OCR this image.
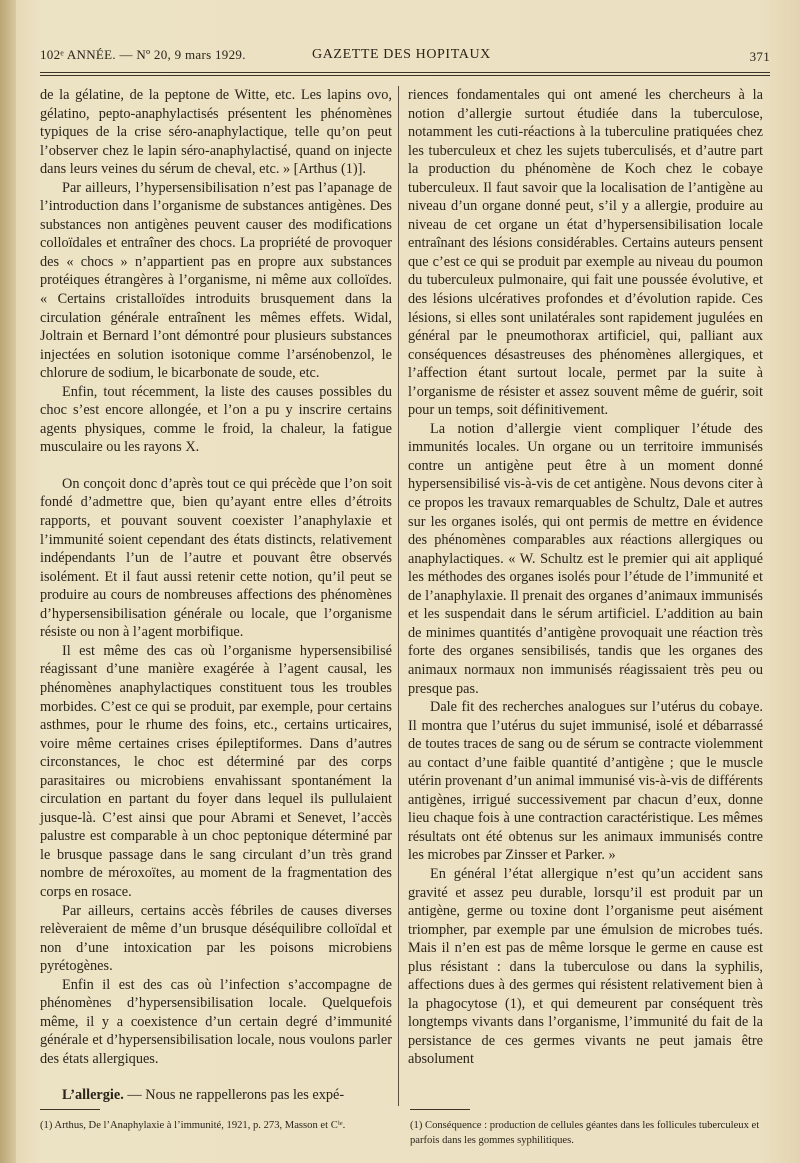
102ᵉ ANNÉE. — Nº 20, 9 mars 1929.	GAZETTE DES HOPITAUX	371

de la gélatine, de la peptone de Witte, etc. Les lapins ovo, gélatino, pepto-anaphylactisés présentent les phénomènes typiques de la crise séro-anaphylactique, telle qu’on peut l’observer chez le lapin séro-anaphylactisé, quand on injecte dans leurs veines du sérum de cheval, etc. » [Arthus (1)].

Par ailleurs, l’hypersensibilisation n’est pas l’apanage de l’introduction dans l’organisme de substances antigènes. Des substances non antigènes peuvent causer des modifications colloïdales et entraîner des chocs. La propriété de provoquer des « chocs » n’appartient pas en propre aux substances protéiques étrangères à l’organisme, ni même aux colloïdes. « Certains cristalloïdes introduits brusquement dans la circulation générale entraînent les mêmes effets. Widal, Joltrain et Bernard l’ont démontré pour plusieurs substances injectées en solution isotonique comme l’arsénobenzol, le chlorure de sodium, le bicarbonate de soude, etc.

Enfin, tout récemment, la liste des causes possibles du choc s’est encore allongée, et l’on a pu y inscrire certains agents physiques, comme le froid, la chaleur, la fatigue musculaire ou les rayons X.

On conçoit donc d’après tout ce qui précède que l’on soit fondé d’admettre que, bien qu’ayant entre elles d’étroits rapports, et pouvant souvent coexister l’anaphylaxie et l’immunité soient cependant des états distincts, relativement indépendants l’un de l’autre et pouvant être observés isolément. Et il faut aussi retenir cette notion, qu’il peut se produire au cours de nombreuses affections des phénomènes d’hypersensibilisation générale ou locale, que l’organisme résiste ou non à l’agent morbifique.

Il est même des cas où l’organisme hypersensibilisé réagissant d’une manière exagérée à l’agent causal, les phénomènes anaphylactiques constituent tous les troubles morbides. C’est ce qui se produit, par exemple, pour certains asthmes, pour le rhume des foins, etc., certains urticaires, voire même certaines crises épileptiformes. Dans d’autres circonstances, le choc est déterminé par des corps parasitaires ou microbiens envahissant spontanément la circulation en partant du foyer dans lequel ils pullulaient jusque-là. C’est ainsi que pour Abrami et Senevet, l’accès palustre est comparable à un choc peptonique déterminé par le brusque passage dans le sang circulant d’un très grand nombre de méroxoïtes, au moment de la fragmentation des corps en rosace.

Par ailleurs, certains accès fébriles de causes diverses relèveraient de même d’un brusque déséquilibre colloïdal et non d’une intoxication par les poisons microbiens pyrétogènes.

Enfin il est des cas où l’infection s’accompagne de phénomènes d’hypersensibilisation locale. Quelquefois même, il y a coexistence d’un certain degré d’immunité générale et d’hypersensibilisation locale, nous voulons parler des états allergiques.

L’allergie. — Nous ne rappellerons pas les expé-

riences fondamentales qui ont amené les chercheurs à la notion d’allergie surtout étudiée dans la tuberculose, notamment les cuti-réactions à la tuberculine pratiquées chez les tuberculeux et chez les sujets tuberculisés, et d’autre part la production du phénomène de Koch chez le cobaye tuberculeux. Il faut savoir que la localisation de l’antigène au niveau d’un organe donné peut, s’il y a allergie, produire au niveau de cet organe un état d’hypersensibilisation locale entraînant des lésions considérables. Certains auteurs pensent que c’est ce qui se produit par exemple au niveau du poumon du tuberculeux pulmonaire, qui fait une poussée évolutive, et des lésions ulcératives profondes et d’évolution rapide. Ces lésions, si elles sont unilatérales sont rapidement jugulées en général par le pneumothorax artificiel, qui, palliant aux conséquences désastreuses des phénomènes allergiques, et l’affection étant surtout locale, permet par la suite à l’organisme de résister et assez souvent même de guérir, soit pour un temps, soit définitivement.

La notion d’allergie vient compliquer l’étude des immunités locales. Un organe ou un territoire immunisés contre un antigène peut être à un moment donné hypersensibilisé vis-à-vis de cet antigène. Nous devons citer à ce propos les travaux remarquables de Schultz, Dale et autres sur les organes isolés, qui ont permis de mettre en évidence des phénomènes comparables aux réactions allergiques ou anaphylactiques. « W. Schultz est le premier qui ait appliqué les méthodes des organes isolés pour l’étude de l’immunité et de l’anaphylaxie. Il prenait des organes d’animaux immunisés et les suspendait dans le sérum artificiel. L’addition au bain de minimes quantités d’antigène provoquait une réaction très forte des organes sensibilisés, tandis que les organes des animaux normaux non immunisés réagissaient très peu ou presque pas.

Dale fit des recherches analogues sur l’utérus du cobaye. Il montra que l’utérus du sujet immunisé, isolé et débarrassé de toutes traces de sang ou de sérum se contracte violemment au contact d’une faible quantité d’antigène ; que le muscle utérin provenant d’un animal immunisé vis-à-vis de différents antigènes, irrigué successivement par chacun d’eux, donne lieu chaque fois à une contraction caractéristique. Les mêmes résultats ont été obtenus sur les animaux immunisés contre les microbes par Zinsser et Parker. »

En général l’état allergique n’est qu’un accident sans gravité et assez peu durable, lorsqu’il est produit par un antigène, germe ou toxine dont l’organisme peut aisément triompher, par exemple par une émulsion de microbes tués. Mais il n’en est pas de même lorsque le germe en cause est plus résistant : dans la tuberculose ou dans la syphilis, affections dues à des germes qui résistent relativement bien à la phagocytose (1), et qui demeurent par conséquent très longtemps vivants dans l’organisme, l’immunité du fait de la persistance de ces germes vivants ne peut jamais être absolument

(1) Arthus, De l’Anaphylaxie à l’immunité, 1921, p. 273, Masson et Cⁱᵉ.	(1) Conséquence : production de cellules géantes dans les follicules tuberculeux et parfois dans les gommes syphilitiques.
